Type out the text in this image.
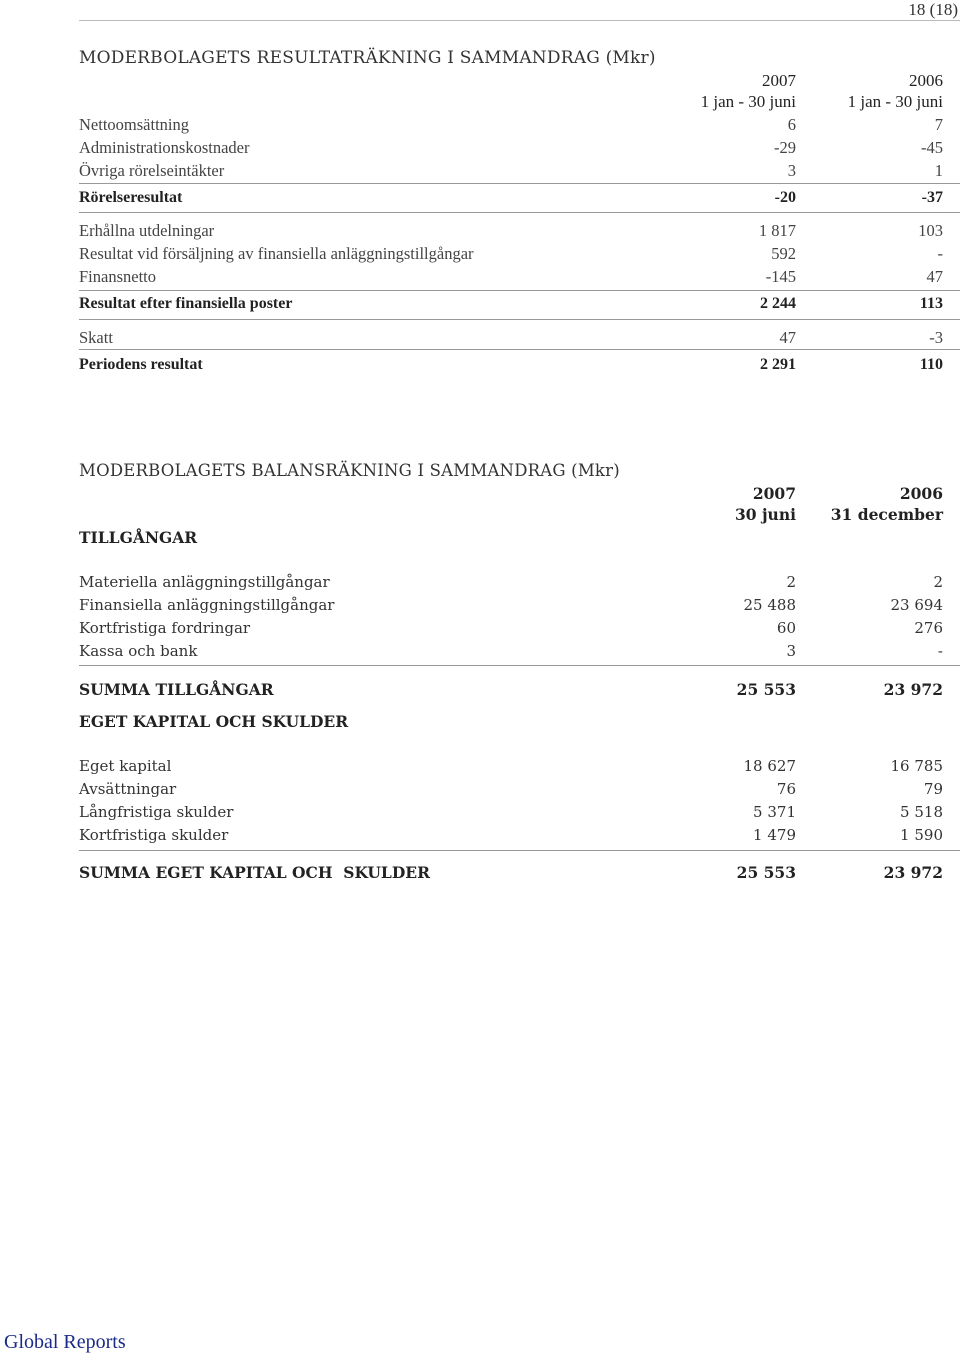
18 (18)
MODERBOLAGETS RESULTATRÄKNING I SAMMANDRAG (Mkr)
2007	2006
1 jan - 30 juni	1 jan - 30 juni
Nettoomsättning	6	7
Administrationskostnader	-29	-45
Övriga rörelseintäkter	3	1
Rörelseresultat	-20	-37
Erhållna utdelningar	1 817	103
Resultat vid försäljning av finansiella anläggningstillgångar	592	-
Finansnetto	-145	47
Resultat efter finansiella poster	2 244	113
Skatt	47	-3
Periodens resultat	2 291	110
MODERBOLAGETS BALANSRÄKNING I SAMMANDRAG (Mkr)
2007	2006
30 juni 31 december
TILLGÅNGAR
Materiella anläggningstillgångar	2	2
Finansiella anläggningstillgångar	25 488	23 694
Kortfristiga fordringar	60	276
Kassa och bank	3	-
SUMMA TILLGÅNGAR	25 553	23 972
EGET KAPITAL OCH SKULDER
Eget kapital	18 627	16 785
Avsättningar	76	79
Långfristiga skulder	5 371	5 518
Kortfristiga skulder	1 479	1 590
SUMMA EGET KAPITAL OCH  SKULDER	25 553	23 972
Global Reports
